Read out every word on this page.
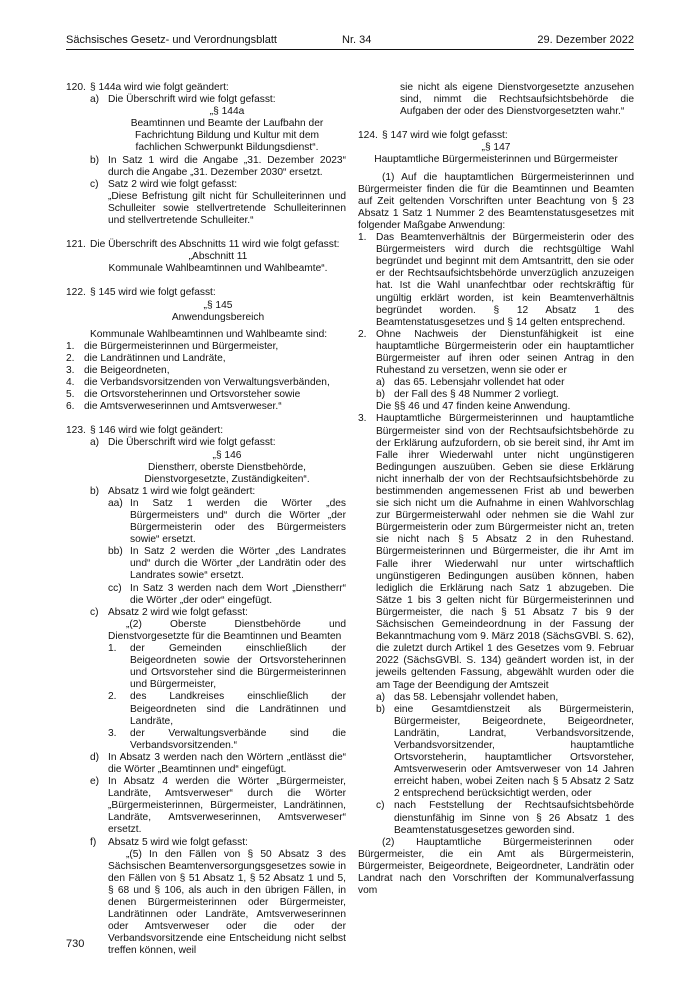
Sächsisches Gesetz- und Verordnungsblatt	Nr. 34	29. Dezember 2022
120. § 144a wird wie folgt geändert:

a) Die Überschrift wird wie folgt gefasst:

„§ 144a

Beamtinnen und Beamte der Laufbahn der Fachrichtung Bildung und Kultur mit dem fachlichen Schwerpunkt Bildungsdienst“.

b) In Satz 1 wird die Angabe „31. Dezember 2023“ durch die Angabe „31. Dezember 2030“ ersetzt.

c) Satz 2 wird wie folgt gefasst:

„Diese Befristung gilt nicht für Schulleiterinnen und Schulleiter sowie stellvertretende Schulleiterinnen und stellvertretende Schulleiter.“

121. Die Überschrift des Abschnitts 11 wird wie folgt gefasst:

„Abschnitt 11

Kommunale Wahlbeamtinnen und Wahlbeamte“.

122. § 145 wird wie folgt gefasst:

„§ 145

Anwendungsbereich

Kommunale Wahlbeamtinnen und Wahlbeamte sind:

1. die Bürgermeisterinnen und Bürgermeister,

2. die Landrätinnen und Landräte,

3. die Beigeordneten,

4. die Verbandsvorsitzenden von Verwaltungsverbänden,

5. die Ortsvorsteherinnen und Ortsvorsteher sowie

6. die Amtsverweserinnen und Amtsverweser.“

123. § 146 wird wie folgt geändert:

a) Die Überschrift wird wie folgt gefasst:

„§ 146

Dienstherr, oberste Dienstbehörde, Dienstvorgesetzte, Zuständigkeiten“.

b) Absatz 1 wird wie folgt geändert:

aa) In Satz 1 werden die Wörter „des Bürgermeisters und“ durch die Wörter „der Bürgermeisterin oder des Bürgermeisters sowie“ ersetzt.

bb) In Satz 2 werden die Wörter „des Landrates und“ durch die Wörter „der Landrätin oder des Landrates sowie“ ersetzt.

cc) In Satz 3 werden nach dem Wort „Dienstherr“ die Wörter „der oder“ eingefügt.

c) Absatz 2 wird wie folgt gefasst:

„(2) Oberste Dienstbehörde und Dienstvorgesetzte für die Beamtinnen und Beamten

1. der Gemeinden einschließlich der Beigeordneten sowie der Ortsvorsteherinnen und Ortsvorsteher sind die Bürgermeisterinnen und Bürgermeister,

2. des Landkreises einschließlich der Beigeordneten sind die Landrätinnen und Landräte,

3. der Verwaltungsverbände sind die Verbandsvorsitzenden.“

d) In Absatz 3 werden nach den Wörtern „entlässt die“ die Wörter „Beamtinnen und“ eingefügt.

e) In Absatz 4 werden die Wörter „Bürgermeister, Landräte, Amtsverweser“ durch die Wörter „Bürgermeisterinnen, Bürgermeister, Landrätinnen, Landräte, Amtsverweserinnen, Amtsverweser“ ersetzt.

f) Absatz 5 wird wie folgt gefasst:

„(5) In den Fällen von § 50 Absatz 3 des Sächsischen Beamtenversorgungsgesetzes sowie in den Fällen von § 51 Absatz 1, § 52 Absatz 1 und 5, § 68 und § 106, als auch in den übrigen Fällen, in denen Bürgermeisterinnen oder Bürgermeister, Landrätinnen oder Landräte, Amtsverweserinnen oder Amtsverweser oder die oder der Verbandsvorsitzende eine Entscheidung nicht selbst treffen können, weil

sie nicht als eigene Dienstvorgesetzte anzusehen sind, nimmt die Rechtsaufsichtsbehörde die Aufgaben der oder des Dienstvorgesetzten wahr.“

124. § 147 wird wie folgt gefasst:

„§ 147

Hauptamtliche Bürgermeisterinnen und Bürgermeister

(1) Auf die hauptamtlichen Bürgermeisterinnen und Bürgermeister finden die für die Beamtinnen und Beamten auf Zeit geltenden Vorschriften unter Beachtung von § 23 Absatz 1 Satz 1 Nummer 2 des Beamtenstatusgesetzes mit folgender Maßgabe Anwendung:

1. Das Beamtenverhältnis der Bürgermeisterin oder des Bürgermeisters wird durch die rechtsgültige Wahl begründet und beginnt mit dem Amtsantritt, den sie oder er der Rechtsaufsichtsbehörde unverzüglich anzuzeigen hat. Ist die Wahl unanfechtbar oder rechtskräftig für ungültig erklärt worden, ist kein Beamtenverhältnis begründet worden. § 12 Absatz 1 des Beamtenstatusgesetzes und § 14 gelten entsprechend.

2. Ohne Nachweis der Dienstunfähigkeit ist eine hauptamtliche Bürgermeisterin oder ein hauptamtlicher Bürgermeister auf ihren oder seinen Antrag in den Ruhestand zu versetzen, wenn sie oder er

a) das 65. Lebensjahr vollendet hat oder

b) der Fall des § 48 Nummer 2 vorliegt.

Die §§ 46 und 47 finden keine Anwendung.

3. Hauptamtliche Bürgermeisterinnen und hauptamtliche Bürgermeister sind von der Rechtsaufsichtsbehörde zu der Erklärung aufzufordern, ob sie bereit sind, ihr Amt im Falle ihrer Wiederwahl unter nicht ungünstigeren Bedingungen auszuüben. Geben sie diese Erklärung nicht innerhalb der von der Rechtsaufsichtsbehörde zu bestimmenden angemessenen Frist ab und bewerben sie sich nicht um die Aufnahme in einen Wahlvorschlag zur Bürgermeisterwahl oder nehmen sie die Wahl zur Bürgermeisterin oder zum Bürgermeister nicht an, treten sie nicht nach § 5 Absatz 2 in den Ruhestand. Bürgermeisterinnen und Bürgermeister, die ihr Amt im Falle ihrer Wiederwahl nur unter wirtschaftlich ungünstigeren Bedingungen ausüben können, haben lediglich die Erklärung nach Satz 1 abzugeben. Die Sätze 1 bis 3 gelten nicht für Bürgermeisterinnen und Bürgermeister, die nach § 51 Absatz 7 bis 9 der Sächsischen Gemeindeordnung in der Fassung der Bekanntmachung vom 9. März 2018 (SächsGVBl. S. 62), die zuletzt durch Artikel 1 des Gesetzes vom 9. Februar 2022 (SächsGVBl. S. 134) geändert worden ist, in der jeweils geltenden Fassung, abgewählt wurden oder die am Tage der Beendigung der Amtszeit

a) das 58. Lebensjahr vollendet haben,

b) eine Gesamtdienstzeit als Bürgermeisterin, Bürgermeister, Beigeordnete, Beigeordneter, Landrätin, Landrat, Verbandsvorsitzende, Verbandsvorsitzender, hauptamtliche Ortsvorsteherin, hauptamtlicher Ortsvorsteher, Amtsverweserin oder Amtsverweser von 14 Jahren erreicht haben, wobei Zeiten nach § 5 Absatz 2 Satz 2 entsprechend berücksichtigt werden, oder

c) nach Feststellung der Rechtsaufsichtsbehörde dienstunfähig im Sinne von § 26 Absatz 1 des Beamtenstatusgesetzes geworden sind.

(2) Hauptamtliche Bürgermeisterinnen oder Bürgermeister, die ein Amt als Bürgermeisterin, Bürgermeister, Beigeordnete, Beigeordneter, Landrätin oder Landrat nach den Vorschriften der Kommunalverfassung vom

730
